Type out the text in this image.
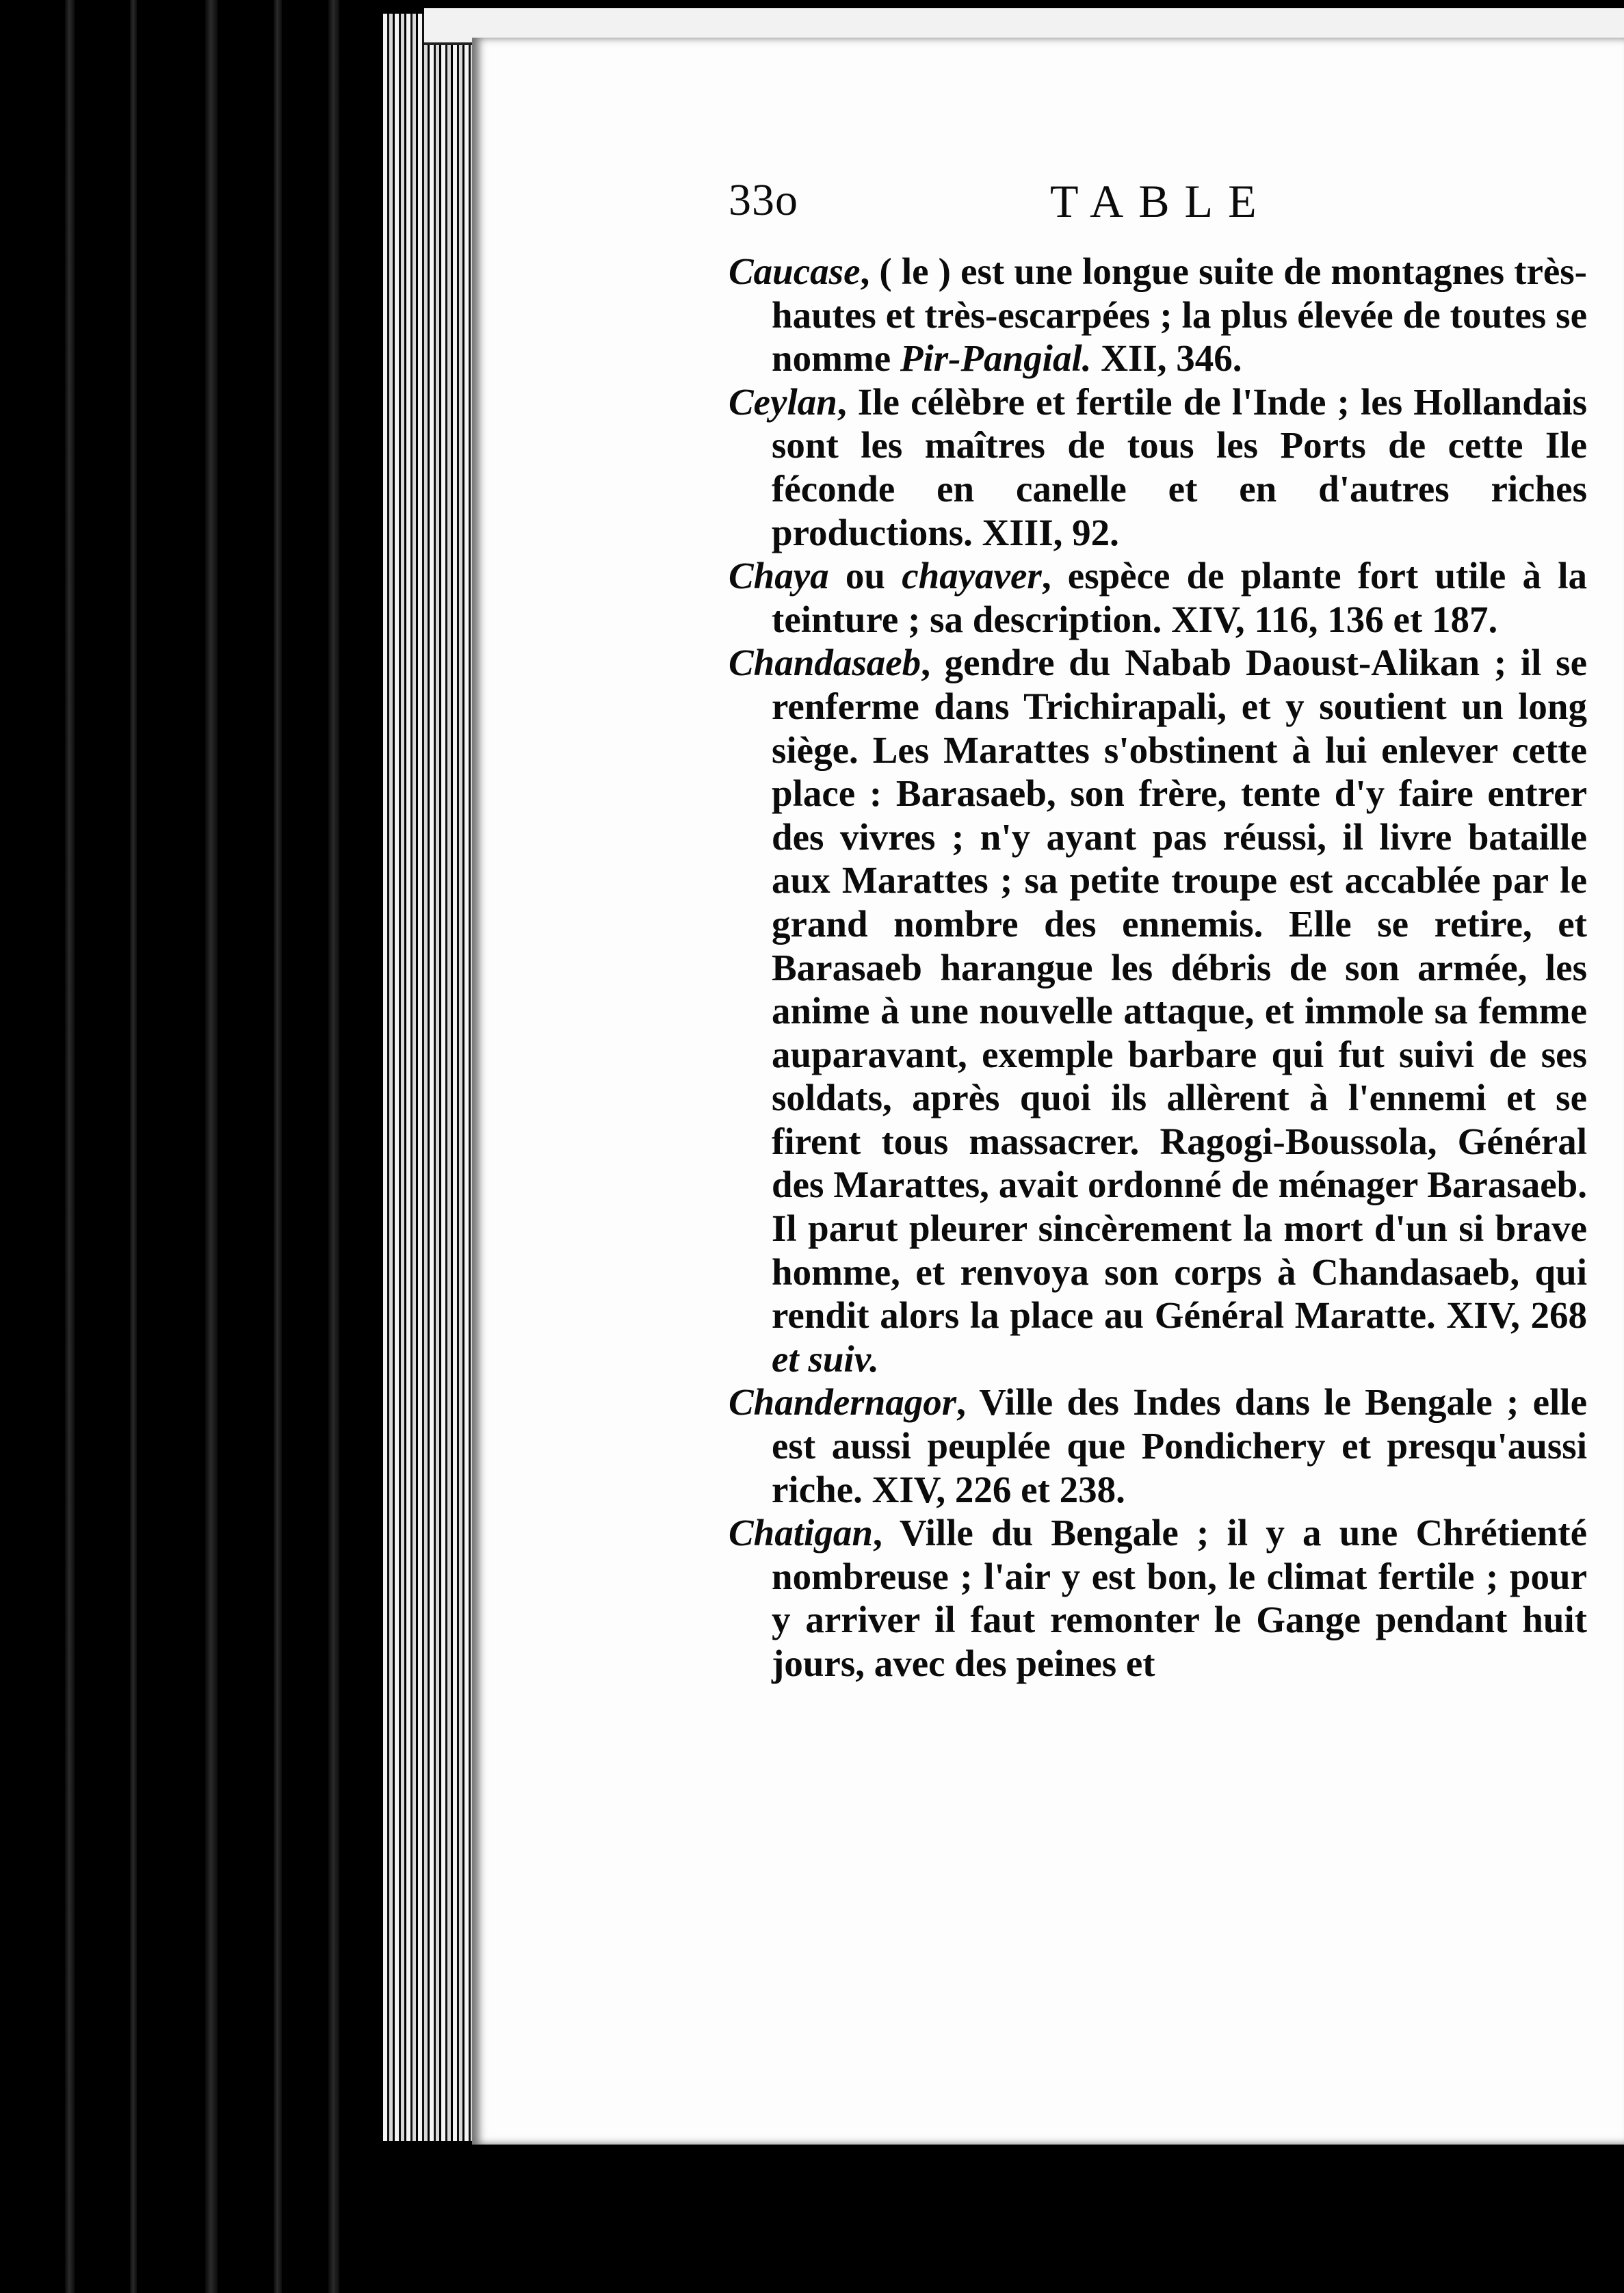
33o	TABLE

Caucase, ( le ) est une longue suite de montagnes très-hautes et très-escarpées ; la plus élevée de toutes se nomme Pir-Pangial. XII, 346.

Ceylan, Ile célèbre et fertile de l'Inde ; les Hollandais sont les maîtres de tous les Ports de cette Ile féconde en canelle et en d'autres riches productions. XIII, 92.

Chaya ou chayaver, espèce de plante fort utile à la teinture ; sa description. XIV, 116, 136 et 187.

Chandasaeb, gendre du Nabab Daoust-Alikan ; il se renferme dans Trichirapali, et y soutient un long siège. Les Marattes s'obstinent à lui enlever cette place : Barasaeb, son frère, tente d'y faire entrer des vivres ; n'y ayant pas réussi, il livre bataille aux Marattes ; sa petite troupe est accablée par le grand nombre des ennemis. Elle se retire, et Barasaeb harangue les débris de son armée, les anime à une nouvelle attaque, et immole sa femme auparavant, exemple barbare qui fut suivi de ses soldats, après quoi ils allèrent à l'ennemi et se firent tous massacrer. Ragogi-Boussola, Général des Marattes, avait ordonné de ménager Barasaeb. Il parut pleurer sincèrement la mort d'un si brave homme, et renvoya son corps à Chandasaeb, qui rendit alors la place au Général Maratte. XIV, 268 et suiv.

Chandernagor, Ville des Indes dans le Bengale ; elle est aussi peuplée que Pondichery et presqu'aussi riche. XIV, 226 et 238.

Chatigan, Ville du Bengale ; il y a une Chrétienté nombreuse ; l'air y est bon, le climat fertile ; pour y arriver il faut remonter le Gange pendant huit jours, avec des peines et
